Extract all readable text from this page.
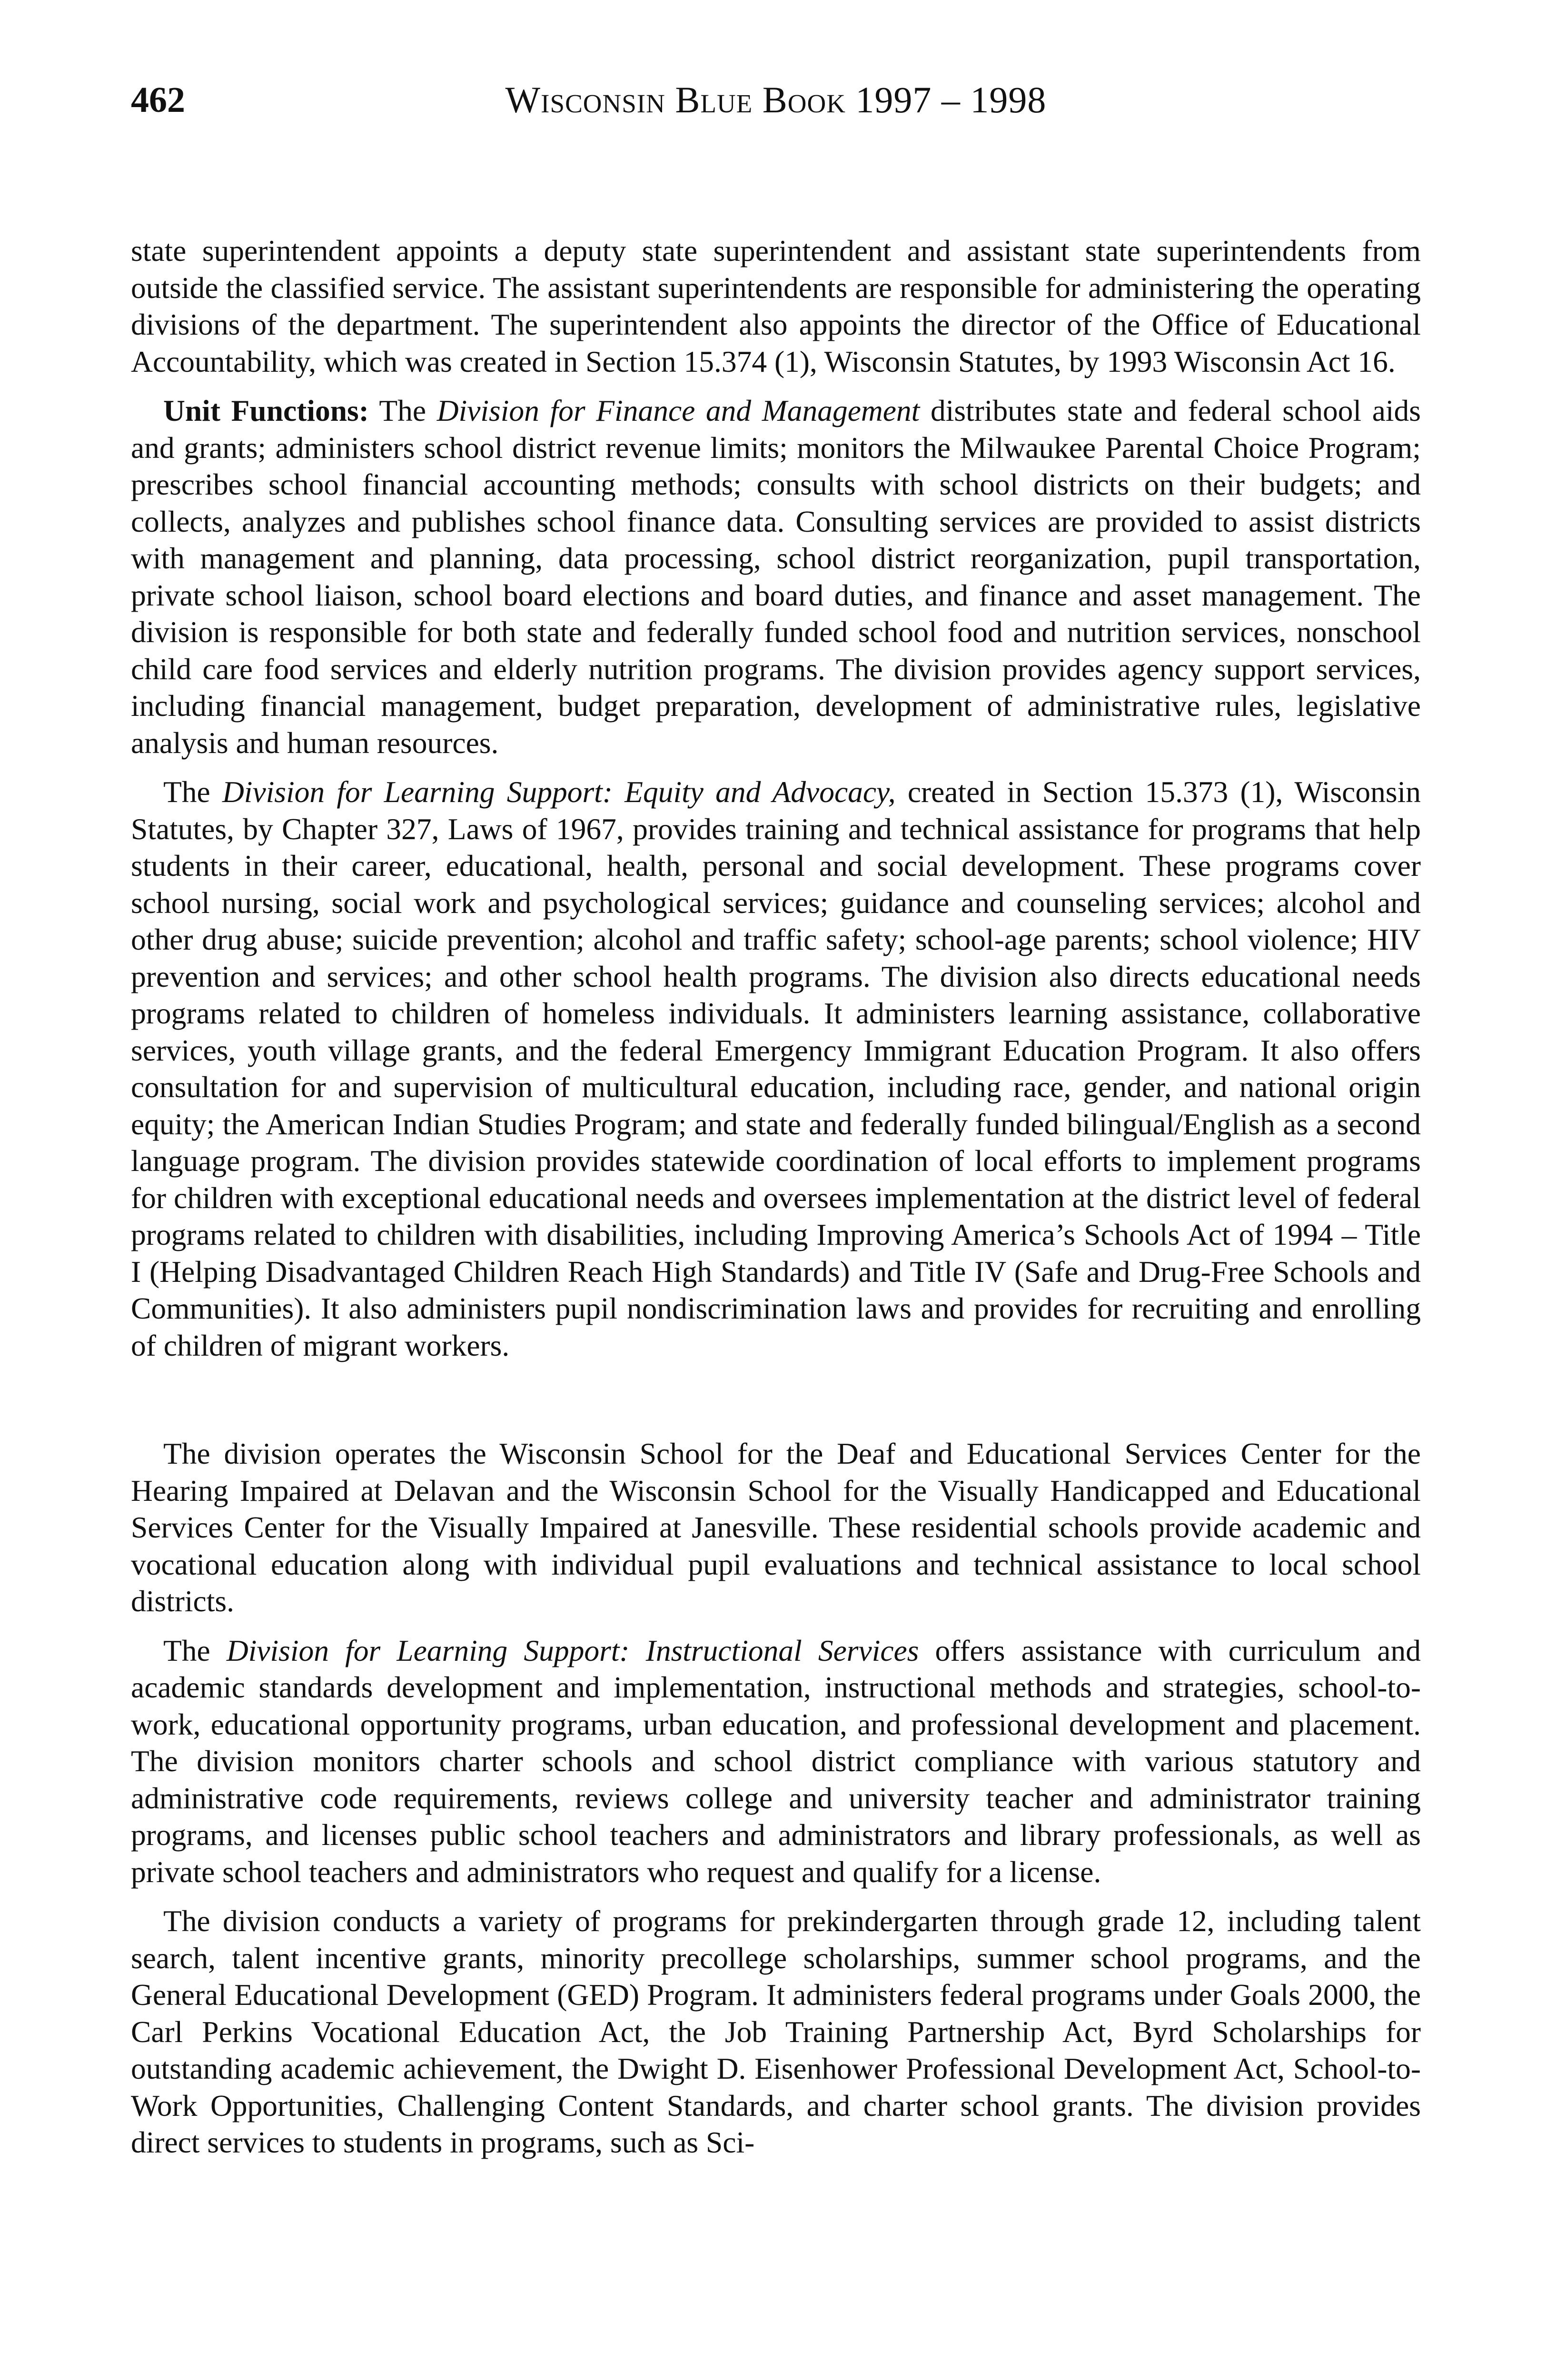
462	Wisconsin Blue Book 1997 – 1998

state superintendent appoints a deputy state superintendent and assistant state superintendents from outside the classified service. The assistant superintendents are responsible for administering the operating divisions of the department. The superintendent also appoints the director of the Office of Educational Accountability, which was created in Section 15.374 (1), Wisconsin Statutes, by 1993 Wisconsin Act 16.

Unit Functions: The Division for Finance and Management distributes state and federal school aids and grants; administers school district revenue limits; monitors the Milwaukee Parental Choice Program; prescribes school financial accounting methods; consults with school districts on their budgets; and collects, analyzes and publishes school finance data. Consulting services are provided to assist districts with management and planning, data processing, school district reorganization, pupil transportation, private school liaison, school board elections and board duties, and finance and asset management. The division is responsible for both state and federally funded school food and nutrition services, nonschool child care food services and elderly nutrition programs. The division provides agency support services, including financial management, budget preparation, development of administrative rules, legislative analysis and human resources.

The Division for Learning Support: Equity and Advocacy, created in Section 15.373 (1), Wisconsin Statutes, by Chapter 327, Laws of 1967, provides training and technical assistance for programs that help students in their career, educational, health, personal and social development. These programs cover school nursing, social work and psychological services; guidance and counseling services; alcohol and other drug abuse; suicide prevention; alcohol and traffic safety; school-age parents; school violence; HIV prevention and services; and other school health programs. The division also directs educational needs programs related to children of homeless individuals. It administers learning assistance, collaborative services, youth village grants, and the federal Emergency Immigrant Education Program. It also offers consultation for and supervision of multicultural education, including race, gender, and national origin equity; the American Indian Studies Program; and state and federally funded bilingual/English as a second language program. The division provides statewide coordination of local efforts to implement programs for children with exceptional educational needs and oversees implementation at the district level of federal programs related to children with disabilities, including Improving America’s Schools Act of 1994 – Title I (Helping Disadvantaged Children Reach High Standards) and Title IV (Safe and Drug-Free Schools and Communities). It also administers pupil nondiscrimination laws and provides for recruiting and enrolling of children of migrant workers.

The division operates the Wisconsin School for the Deaf and Educational Services Center for the Hearing Impaired at Delavan and the Wisconsin School for the Visually Handicapped and Educational Services Center for the Visually Impaired at Janesville. These residential schools provide academic and vocational education along with individual pupil evaluations and technical assistance to local school districts.

The Division for Learning Support: Instructional Services offers assistance with curriculum and academic standards development and implementation, instructional methods and strategies, school-to-work, educational opportunity programs, urban education, and professional development and placement. The division monitors charter schools and school district compliance with various statutory and administrative code requirements, reviews college and university teacher and administrator training programs, and licenses public school teachers and administrators and library professionals, as well as private school teachers and administrators who request and qualify for a license.

The division conducts a variety of programs for prekindergarten through grade 12, including talent search, talent incentive grants, minority precollege scholarships, summer school programs, and the General Educational Development (GED) Program. It administers federal programs under Goals 2000, the Carl Perkins Vocational Education Act, the Job Training Partnership Act, Byrd Scholarships for outstanding academic achievement, the Dwight D. Eisenhower Professional Development Act, School-to-Work Opportunities, Challenging Content Standards, and charter school grants. The division provides direct services to students in programs, such as Sci-
